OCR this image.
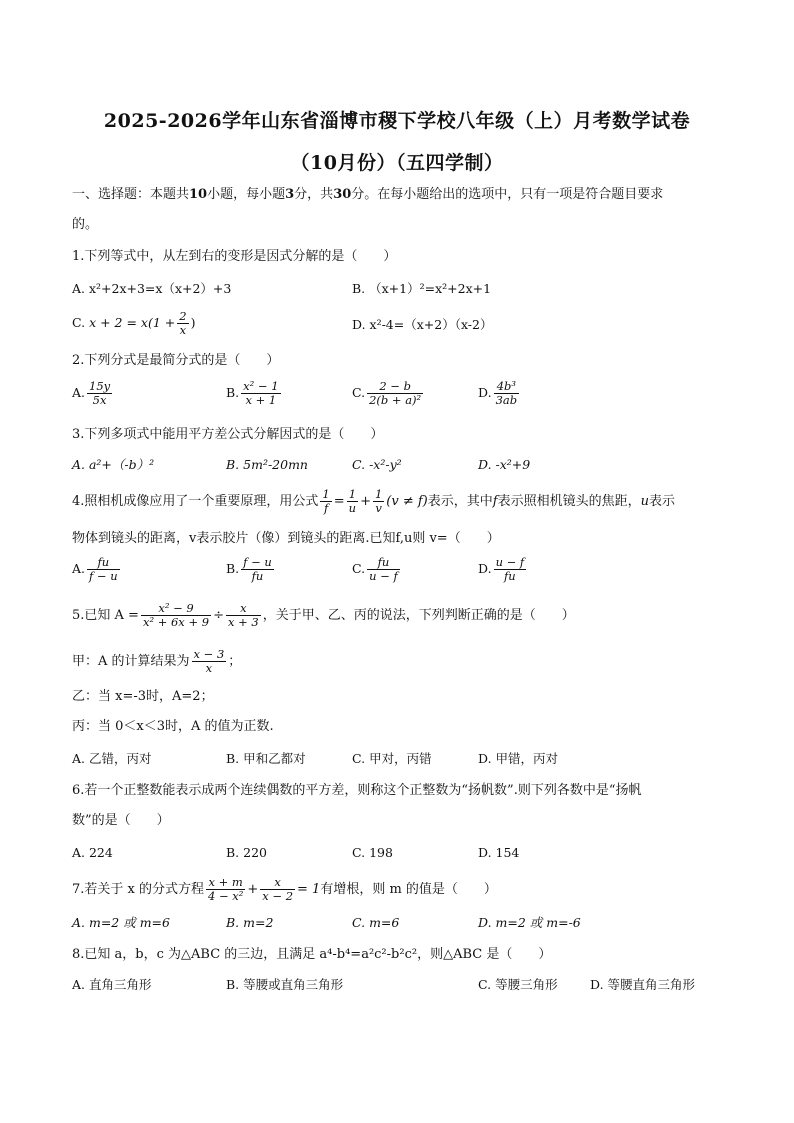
2025-2026学年山东省淄博市稷下学校八年级（上）月考数学试卷
（10月份）（五四学制）
一、选择题：本题共10小题，每小题3分，共30分。在每小题给出的选项中，只有一项是符合题目要求
的。
1.下列等式中，从左到右的变形是因式分解的是（　　）
A. x²+2x+3=x（x+2）+3	B. （x+1）²=x²+2x+1
C. $x + 2 = x(1 + \frac{2}{x}$ )	D. x²-4=（x+2）（x-2）
2.下列分式是最简分式的是（　　）
A. $\frac{15y}{5x}$	B. $\frac{\text{x² − 1}}{x + 1}$	C. $\frac{2 - b}{\text{2(b + a)²}}$	D. $\frac{\text{4b³}}{3ab}$
3.下列多项式中能用平方差公式分解因式的是（　　）
A. a²+（-b）²	B. 5m²-20mn	C. -x²-y²	D. -x²+9
4.照相机成像应用了一个重要原理，用公式 $\frac{1}{f} = \frac{1}{u} + \frac{1}{v} (v \ne f)$表示，其中f表示照相机镜头的焦距，u表示
物体到镜头的距离，v表示胶片（像）到镜头的距离.已知f,u则 v=（　　）
A. $\frac{fu}{f - u}$	B. $\frac{f - u}{fu}$	C. $\frac{fu}{u - f}$	D. $\frac{u - f}{fu}$
5.已知 $A = \frac{\text{x² − 9}}{\text{x² + 6x + 9}} \div \frac{x}{x + 3}$ ，关于甲、乙、丙的说法，下列判断正确的是（　　）
甲：A 的计算结果为 $\frac{x - 3}{x}$ ；
乙：当 x=-3时，A=2；
丙：当 0＜x＜3时，A 的值为正数.
A. 乙错，丙对	B. 甲和乙都对	C. 甲对，丙错	D. 甲错，丙对
6.若一个正整数能表示成两个连续偶数的平方差，则称这个正整数为“扬帆数”.则下列各数中是“扬帆
数”的是（　　）
A. 224	B. 220	C. 198	D. 154
7.若关于 x 的分式方程 $\frac{x + m}{\text{4 − x²}} + \frac{x}{x - 2} = 1$有增根，则 m 的值是（　　）
A. m=2 或 m=6	B. m=2	C. m=6	D. m=2 或 m=-6
8.已知 a，b，c 为△ABC 的三边，且满足 a⁴-b⁴=a²c²-b²c²，则△ABC 是（　　）
A. 直角三角形	B. 等腰或直角三角形	C. 等腰三角形	D. 等腰直角三角形
